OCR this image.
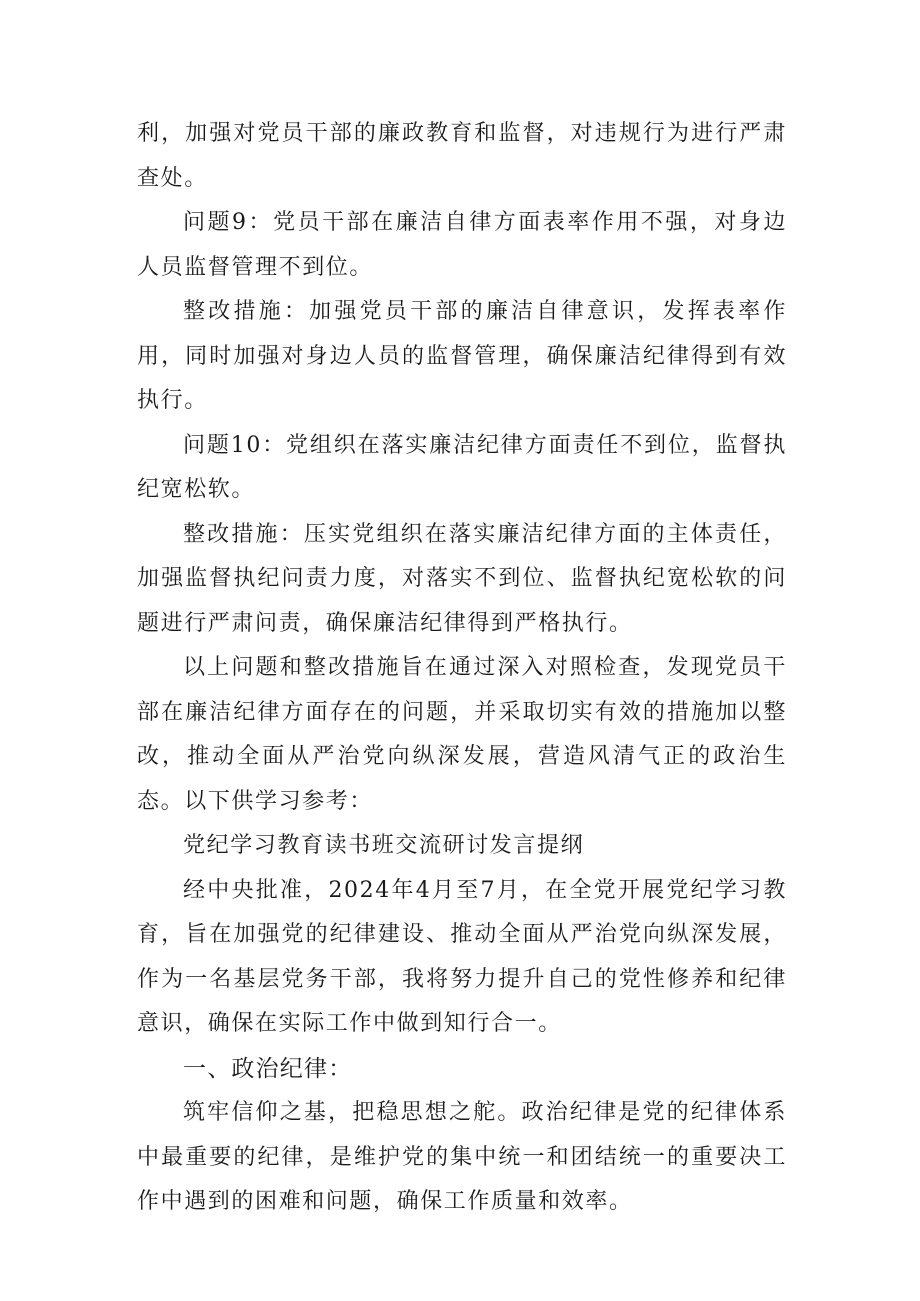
利，加强对党员干部的廉政教育和监督，对违规行为进行严肃查处。

问题9：党员干部在廉洁自律方面表率作用不强，对身边人员监督管理不到位。

整改措施：加强党员干部的廉洁自律意识，发挥表率作用，同时加强对身边人员的监督管理，确保廉洁纪律得到有效执行。

问题10：党组织在落实廉洁纪律方面责任不到位，监督执纪宽松软。

整改措施：压实党组织在落实廉洁纪律方面的主体责任，加强监督执纪问责力度，对落实不到位、监督执纪宽松软的问题进行严肃问责，确保廉洁纪律得到严格执行。

以上问题和整改措施旨在通过深入对照检查，发现党员干部在廉洁纪律方面存在的问题，并采取切实有效的措施加以整改，推动全面从严治党向纵深发展，营造风清气正的政治生态。以下供学习参考：

党纪学习教育读书班交流研讨发言提纲

经中央批准，2024年4月至7月，在全党开展党纪学习教育，旨在加强党的纪律建设、推动全面从严治党向纵深发展，作为一名基层党务干部，我将努力提升自己的党性修养和纪律意识，确保在实际工作中做到知行合一。

一、政治纪律：

筑牢信仰之基，把稳思想之舵。政治纪律是党的纪律体系中最重要的纪律，是维护党的集中统一和团结统一的重要决工作中遇到的困难和问题，确保工作质量和效率。
